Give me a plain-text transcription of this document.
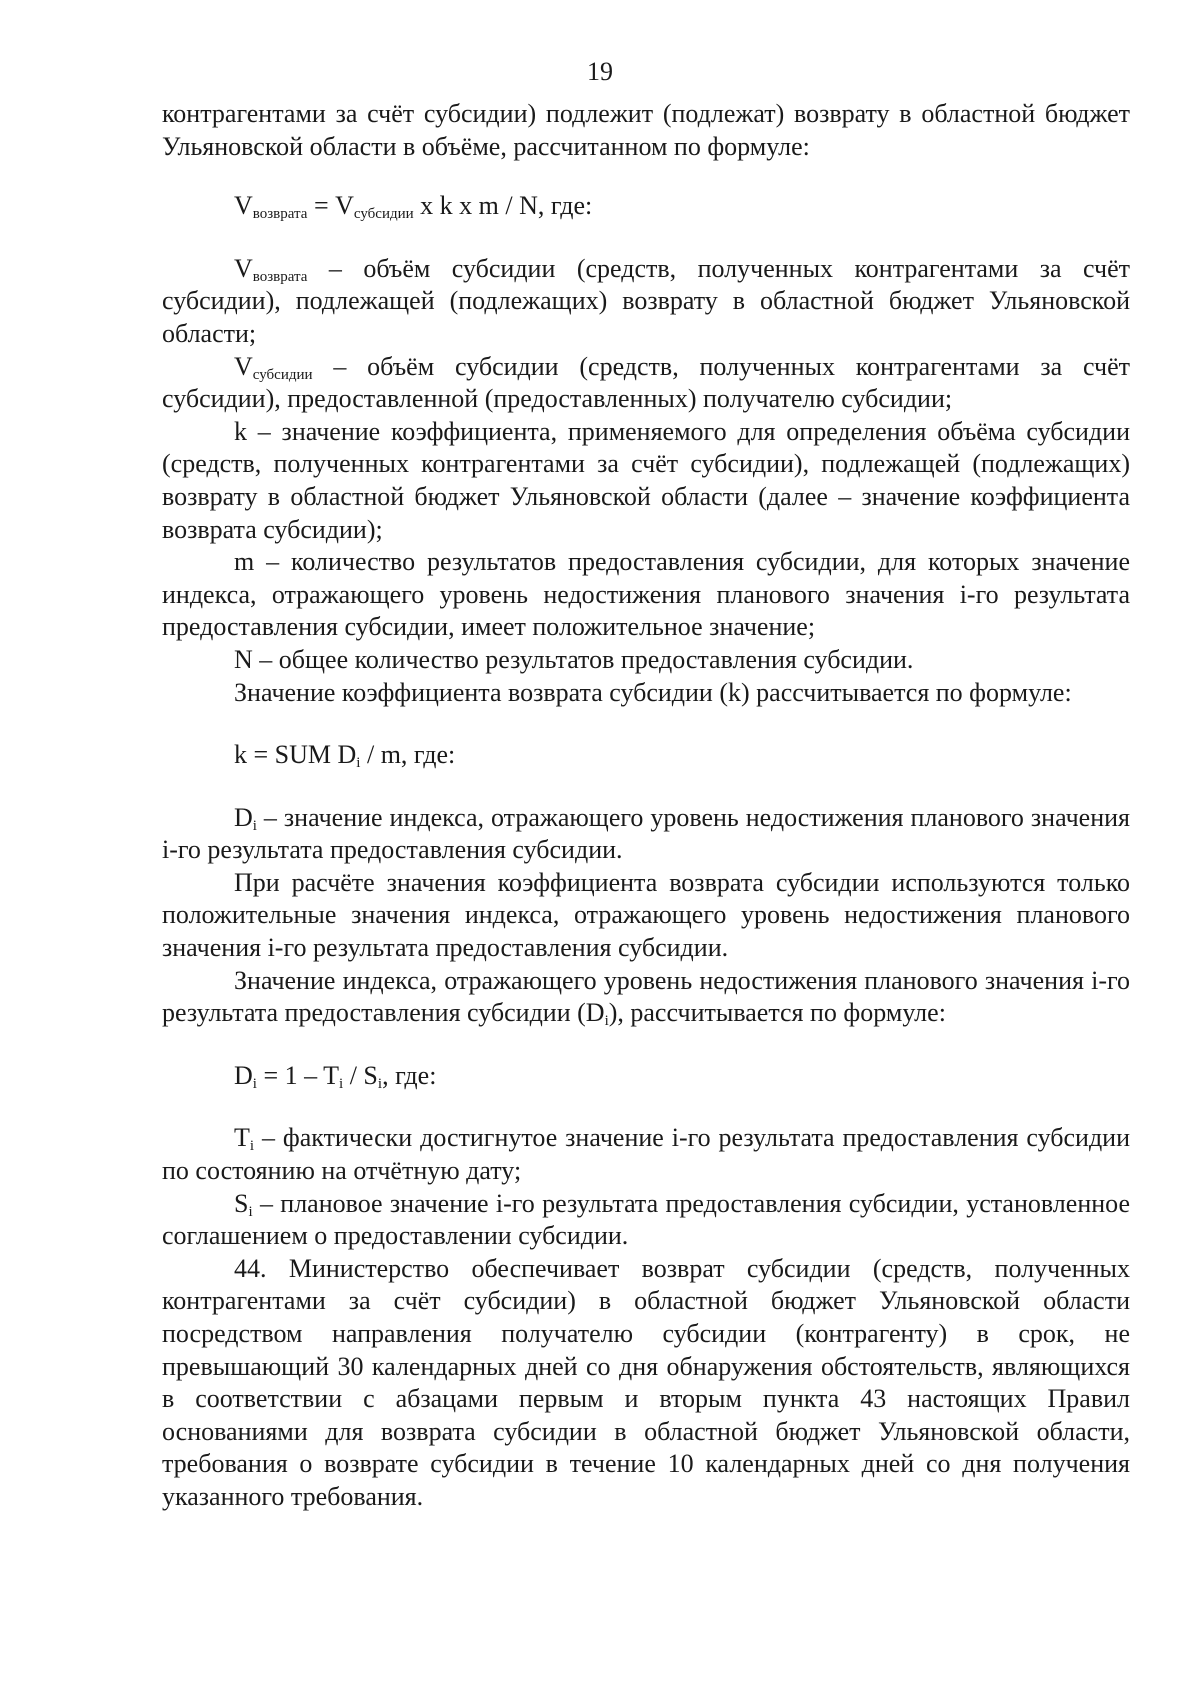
19

контрагентами за счёт субсидии) подлежит (подлежат) возврату в областной бюджет Ульяновской области в объёме, рассчитанном по формуле:

$V_{возврата} = V_{субсидии}$ x k x m / N, где:

$V_{возврата}$ – объём субсидии (средств, полученных контрагентами за счёт субсидии), подлежащей (подлежащих) возврату в областной бюджет Ульяновской области;

$V_{субсидии}$ – объём субсидии (средств, полученных контрагентами за счёт субсидии), предоставленной (предоставленных) получателю субсидии;

k – значение коэффициента, применяемого для определения объёма субсидии (средств, полученных контрагентами за счёт субсидии), подлежащей (подлежащих) возврату в областной бюджет Ульяновской области (далее – значение коэффициента возврата субсидии);

m – количество результатов предоставления субсидии, для которых значение индекса, отражающего уровень недостижения планового значения i-го результата предоставления субсидии, имеет положительное значение;

N – общее количество результатов предоставления субсидии.

Значение коэффициента возврата субсидии (k) рассчитывается по формуле:

k = SUM $D_i$ / m, где:

$D_i$ – значение индекса, отражающего уровень недостижения планового значения i-го результата предоставления субсидии.

При расчёте значения коэффициента возврата субсидии используются только положительные значения индекса, отражающего уровень недостижения планового значения i-го результата предоставления субсидии.

Значение индекса, отражающего уровень недостижения планового значения i-го результата предоставления субсидии $(D_i)$, рассчитывается по формуле:

$D_i = 1 - T_i / S_i$, где:

$T_i$ – фактически достигнутое значение i-го результата предоставления субсидии по состоянию на отчётную дату;

$S_i$ – плановое значение i-го результата предоставления субсидии, установленное соглашением о предоставлении субсидии.

44. Министерство обеспечивает возврат субсидии (средств, полученных контрагентами за счёт субсидии) в областной бюджет Ульяновской области посредством направления получателю субсидии (контрагенту) в срок, не превышающий 30 календарных дней со дня обнаружения обстоятельств, являющихся в соответствии с абзацами первым и вторым пункта 43 настоящих Правил основаниями для возврата субсидии в областной бюджет Ульяновской области, требования о возврате субсидии в течение 10 календарных дней со дня получения указанного требования.
